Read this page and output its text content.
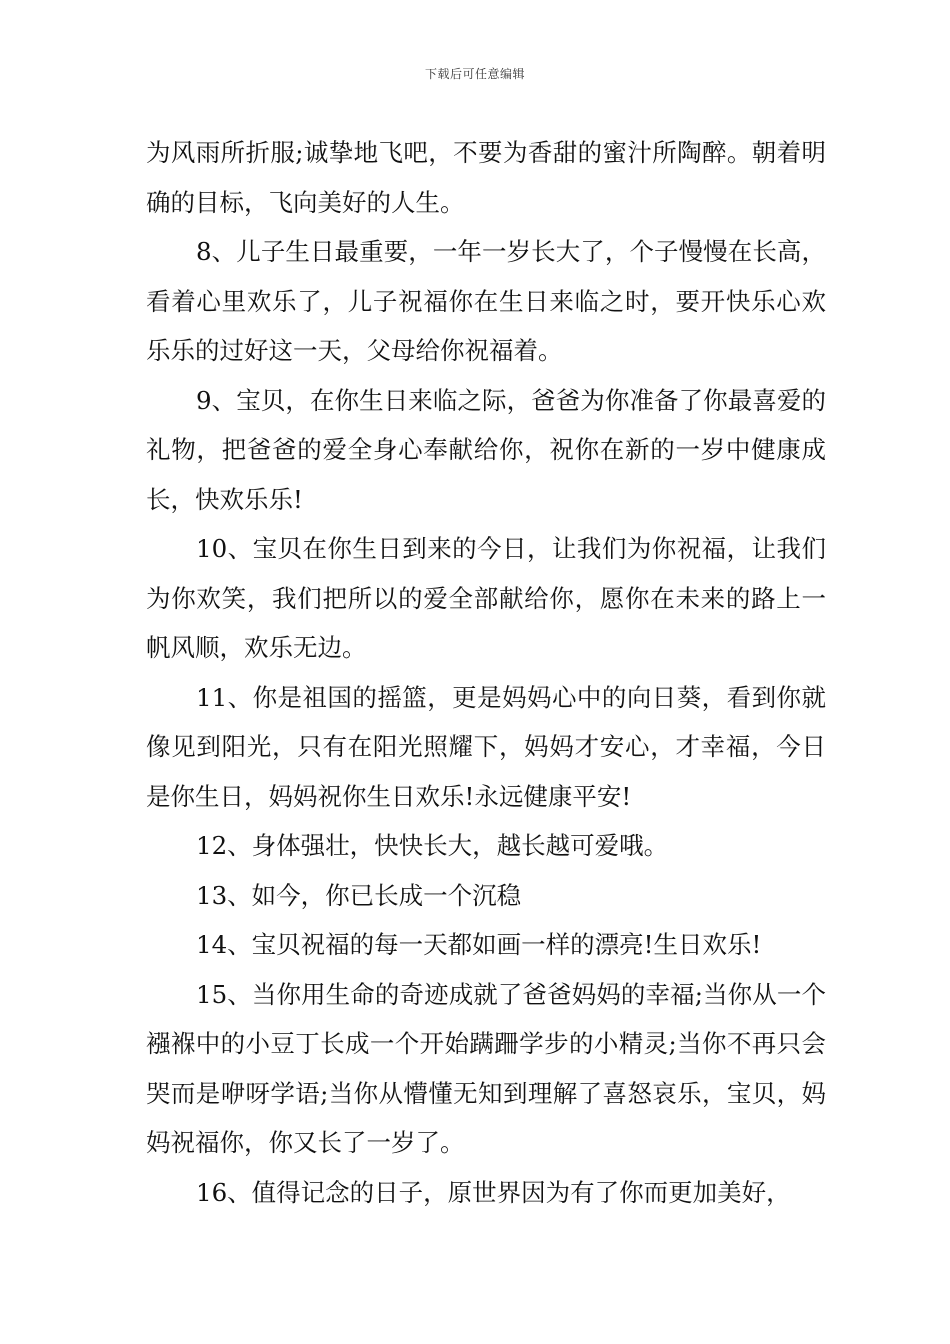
下载后可任意编辑

为风雨所折服;诚挚地飞吧，不要为香甜的蜜汁所陶醉。朝着明确的目标，飞向美好的人生。

8、儿子生日最重要，一年一岁长大了，个子慢慢在长高，看着心里欢乐了，儿子祝福你在生日来临之时，要开快乐心欢乐乐的过好这一天，父母给你祝福着。

9、宝贝，在你生日来临之际，爸爸为你准备了你最喜爱的礼物，把爸爸的爱全身心奉献给你，祝你在新的一岁中健康成长，快欢乐乐!

10、宝贝在你生日到来的今日，让我们为你祝福，让我们为你欢笑，我们把所以的爱全部献给你，愿你在未来的路上一帆风顺，欢乐无边。

11、你是祖国的摇篮，更是妈妈心中的向日葵，看到你就像见到阳光，只有在阳光照耀下，妈妈才安心，才幸福，今日是你生日，妈妈祝你生日欢乐!永远健康平安!

12、身体强壮，快快长大，越长越可爱哦。

13、如今，你已长成一个沉稳

14、宝贝祝福的每一天都如画一样的漂亮!生日欢乐!

15、当你用生命的奇迹成就了爸爸妈妈的幸福;当你从一个襁褓中的小豆丁长成一个开始蹒跚学步的小精灵;当你不再只会哭而是咿呀学语;当你从懵懂无知到理解了喜怒哀乐，宝贝，妈妈祝福你，你又长了一岁了。

16、值得记念的日子，原世界因为有了你而更加美好，
